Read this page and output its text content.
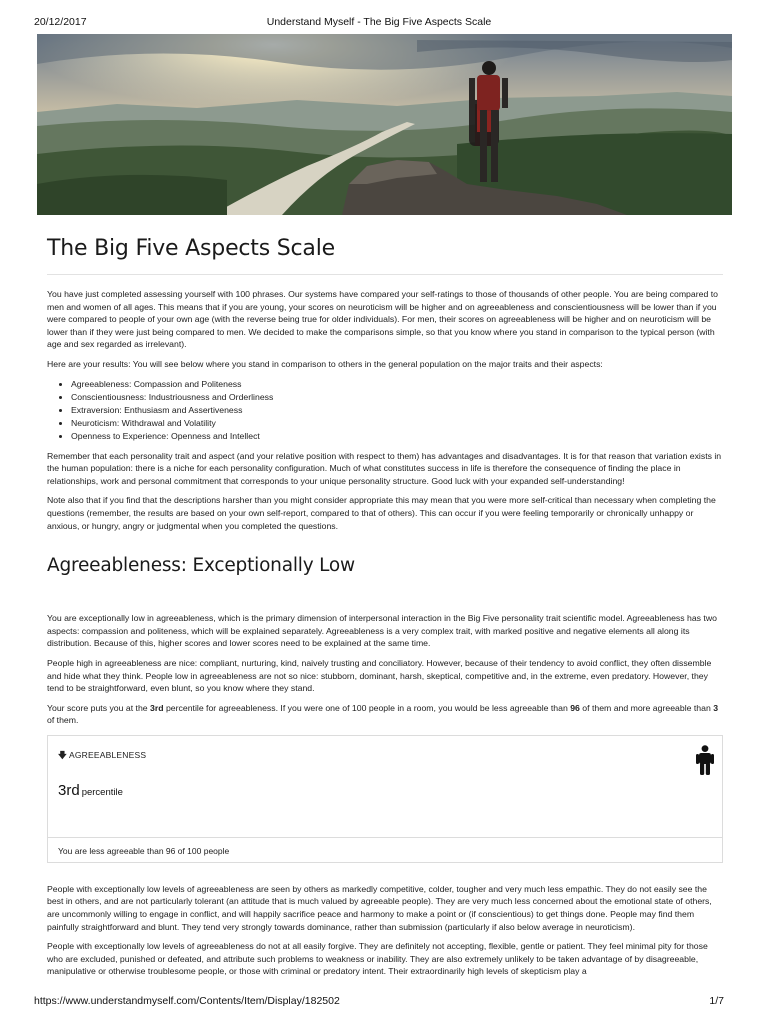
20/12/2017	Understand Myself - The Big Five Aspects Scale
The Big Five Aspects Scale

You have just completed assessing yourself with 100 phrases. Our systems have compared your self-ratings to those of thousands of other people. You are being compared to men and women of all ages. This means that if you are young, your scores on neuroticism will be higher and on agreeableness and conscientiousness will be lower than if you were compared to people of your own age (with the reverse being true for older individuals). For men, their scores on agreeableness will be higher and on neuroticism will be lower than if they were just being compared to men. We decided to make the comparisons simple, so that you know where you stand in comparison to the typical person (with age and sex regarded as irrelevant).

Here are your results: You will see below where you stand in comparison to others in the general population on the major traits and their aspects:

• Agreeableness: Compassion and Politeness
• Conscientiousness: Industriousness and Orderliness
• Extraversion: Enthusiasm and Assertiveness
• Neuroticism: Withdrawal and Volatility
• Openness to Experience: Openness and Intellect

Remember that each personality trait and aspect (and your relative position with respect to them) has advantages and disadvantages. It is for that reason that variation exists in the human population: there is a niche for each personality configuration. Much of what constitutes success in life is therefore the consequence of finding the place in relationships, work and personal commitment that corresponds to your unique personality structure. Good luck with your expanded self-understanding!

Note also that if you find that the descriptions harsher than you might consider appropriate this may mean that you were more self-critical than necessary when completing the questions (remember, the results are based on your own self-report, compared to that of others). This can occur if you were feeling temporarily or chronically unhappy or anxious, or hungry, angry or judgmental when you completed the questions.

Agreeableness: Exceptionally Low

You are exceptionally low in agreeableness, which is the primary dimension of interpersonal interaction in the Big Five personality trait scientific model. Agreeableness has two aspects: compassion and politeness, which will be explained separately. Agreeableness is a very complex trait, with marked positive and negative elements all along its distribution. Because of this, higher scores and lower scores need to be explained at the same time.

People high in agreeableness are nice: compliant, nurturing, kind, naively trusting and conciliatory. However, because of their tendency to avoid conflict, they often dissemble and hide what they think. People low in agreeableness are not so nice: stubborn, dominant, harsh, skeptical, competitive and, in the extreme, even predatory. However, they tend to be straightforward, even blunt, so you know where they stand.

Your score puts you at the 3rd percentile for agreeableness. If you were one of 100 people in a room, you would be less agreeable than 96 of them and more agreeable than 3 of them.

🡇 AGREEABLENESS
3rd percentile
You are less agreeable than 96 of 100 people

People with exceptionally low levels of agreeableness are seen by others as markedly competitive, colder, tougher and very much less empathic. They do not easily see the best in others, and are not particularly tolerant (an attitude that is much valued by agreeable people). They are very much less concerned about the emotional state of others, are uncommonly willing to engage in conflict, and will happily sacrifice peace and harmony to make a point or (if conscientious) to get things done. People may find them painfully straightforward and blunt. They tend very strongly towards dominance, rather than submission (particularly if also below average in neuroticism).

People with exceptionally low levels of agreeableness do not at all easily forgive. They are definitely not accepting, flexible, gentle or patient. They feel minimal pity for those who are excluded, punished or defeated, and attribute such problems to weakness or inability. They are also extremely unlikely to be taken advantage of by disagreeable, manipulative or otherwise troublesome people, or those with criminal or predatory intent. Their extraordinarily high levels of skepticism play a

https://www.understandmyself.com/Contents/Item/Display/182502	1/7
